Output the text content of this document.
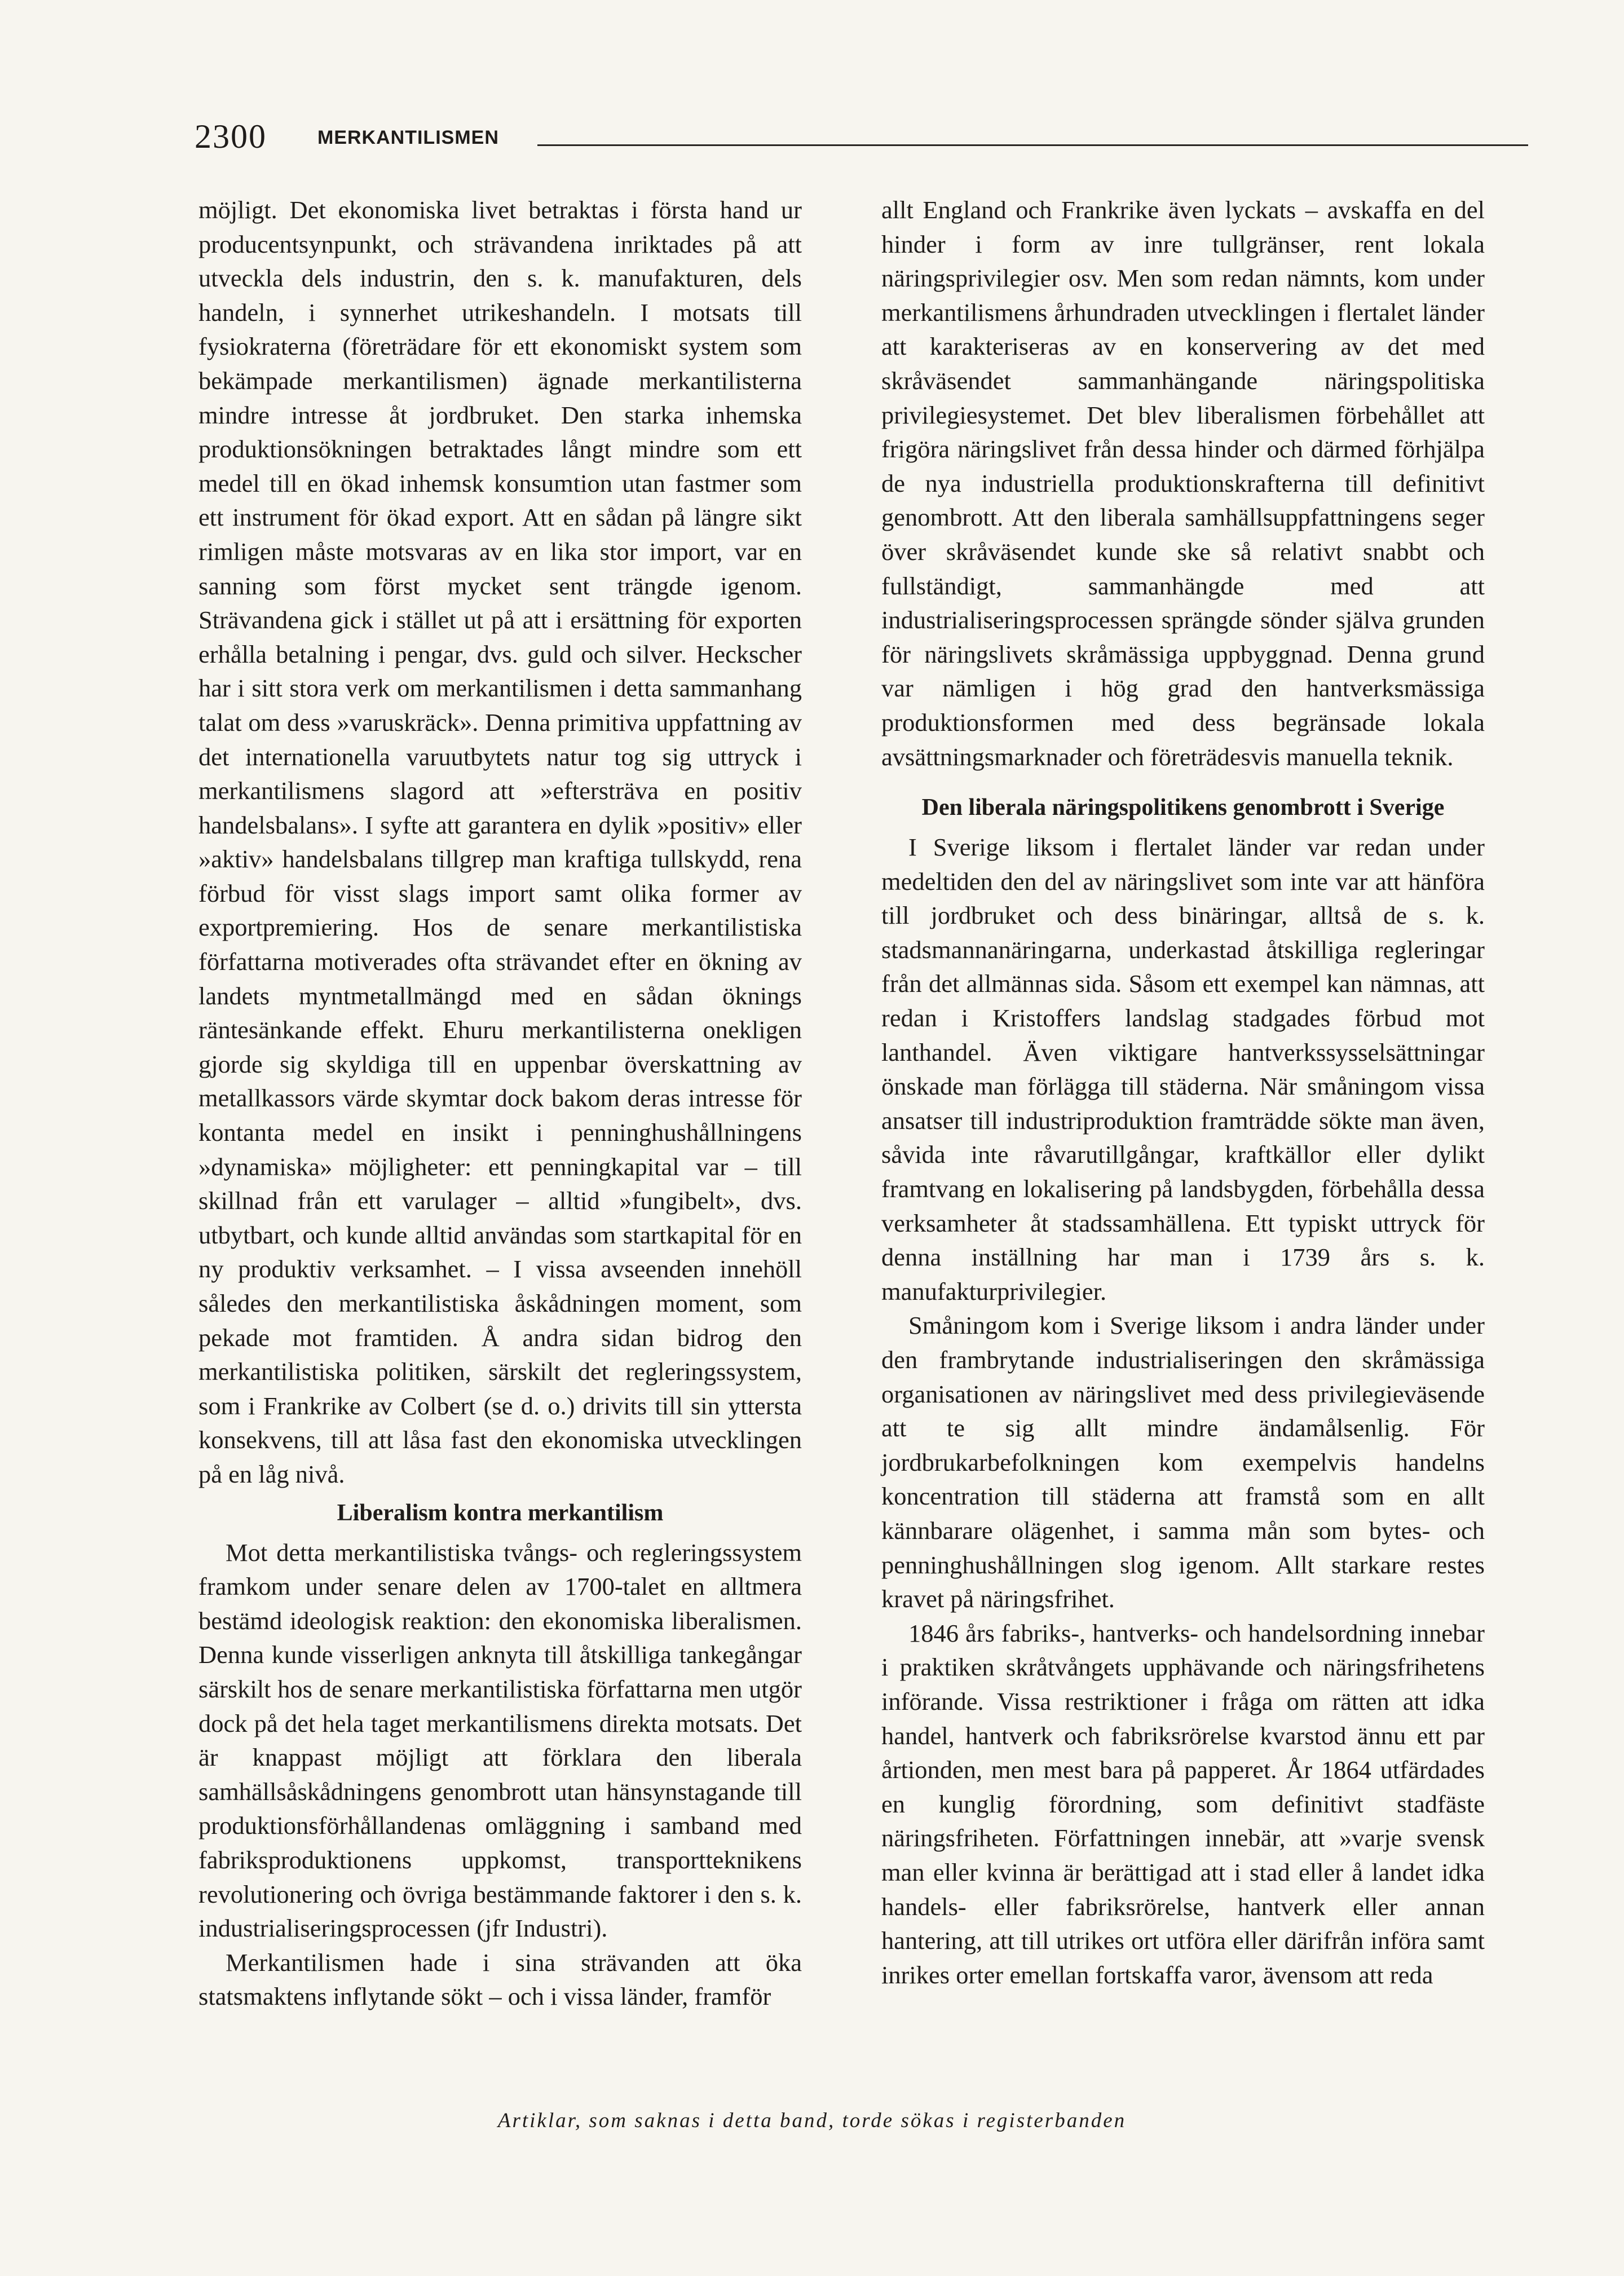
2300	MERKANTILISMEN

möjligt. Det ekonomiska livet betraktas i första hand ur producentsynpunkt, och strävandena inriktades på att utveckla dels industrin, den s. k. manufakturen, dels handeln, i synnerhet utrikeshandeln. I motsats till fysiokraterna (företrädare för ett ekonomiskt system som bekämpade merkantilismen) ägnade merkantilisterna mindre intresse åt jordbruket. Den starka inhemska produktionsökningen betraktades långt mindre som ett medel till en ökad inhemsk konsumtion utan fastmer som ett instrument för ökad export. Att en sådan på längre sikt rimligen måste motsvaras av en lika stor import, var en sanning som först mycket sent trängde igenom. Strävandena gick i stället ut på att i ersättning för exporten erhålla betalning i pengar, dvs. guld och silver. Heckscher har i sitt stora verk om merkantilismen i detta sammanhang talat om dess »varuskräck». Denna primitiva uppfattning av det internationella varuutbytets natur tog sig uttryck i merkantilismens slagord att »eftersträva en positiv handelsbalans». I syfte att garantera en dylik »positiv» eller »aktiv» handelsbalans tillgrep man kraftiga tullskydd, rena förbud för visst slags import samt olika former av exportpremiering. Hos de senare merkantilistiska författarna motiverades ofta strävandet efter en ökning av landets myntmetallmängd med en sådan öknings räntesänkande effekt. Ehuru merkantilisterna onekligen gjorde sig skyldiga till en uppenbar överskattning av metallkassors värde skymtar dock bakom deras intresse för kontanta medel en insikt i penninghushållningens »dynamiska» möjligheter: ett penningkapital var – till skillnad från ett varulager – alltid »fungibelt», dvs. utbytbart, och kunde alltid användas som startkapital för en ny produktiv verksamhet. – I vissa avseenden innehöll således den merkantilistiska åskådningen moment, som pekade mot framtiden. Å andra sidan bidrog den merkantilistiska politiken, särskilt det regleringssystem, som i Frankrike av Colbert (se d. o.) drivits till sin yttersta konsekvens, till att låsa fast den ekonomiska utvecklingen på en låg nivå.

Liberalism kontra merkantilism

Mot detta merkantilistiska tvångs- och regleringssystem framkom under senare delen av 1700-talet en alltmera bestämd ideologisk reaktion: den ekonomiska liberalismen. Denna kunde visserligen anknyta till åtskilliga tankegångar särskilt hos de senare merkantilistiska författarna men utgör dock på det hela taget merkantilismens direkta motsats. Det är knappast möjligt att förklara den liberala samhällsåskådningens genombrott utan hänsynstagande till produktionsförhållandenas omläggning i samband med fabriksproduktionens uppkomst, transportteknikens revolutionering och övriga bestämmande faktorer i den s. k. industrialiseringsprocessen (jfr Industri).

Merkantilismen hade i sina strävanden att öka statsmaktens inflytande sökt – och i vissa länder, framför

allt England och Frankrike även lyckats – avskaffa en del hinder i form av inre tullgränser, rent lokala näringsprivilegier osv. Men som redan nämnts, kom under merkantilismens århundraden utvecklingen i flertalet länder att karakteriseras av en konservering av det med skråväsendet sammanhängande näringspolitiska privilegiesystemet. Det blev liberalismen förbehållet att frigöra näringslivet från dessa hinder och därmed förhjälpa de nya industriella produktionskrafterna till definitivt genombrott. Att den liberala samhällsuppfattningens seger över skråväsendet kunde ske så relativt snabbt och fullständigt, sammanhängde med att industrialiseringsprocessen sprängde sönder själva grunden för näringslivets skråmässiga uppbyggnad. Denna grund var nämligen i hög grad den hantverksmässiga produktionsformen med dess begränsade lokala avsättningsmarknader och företrädesvis manuella teknik.

Den liberala näringspolitikens genombrott i Sverige

I Sverige liksom i flertalet länder var redan under medeltiden den del av näringslivet som inte var att hänföra till jordbruket och dess binäringar, alltså de s. k. stadsmannanäringarna, underkastad åtskilliga regleringar från det allmännas sida. Såsom ett exempel kan nämnas, att redan i Kristoffers landslag stadgades förbud mot lanthandel. Även viktigare hantverkssysselsättningar önskade man förlägga till städerna. När småningom vissa ansatser till industriproduktion framträdde sökte man även, såvida inte råvarutillgångar, kraftkällor eller dylikt framtvang en lokalisering på landsbygden, förbehålla dessa verksamheter åt stadssamhällena. Ett typiskt uttryck för denna inställning har man i 1739 års s. k. manufakturprivilegier.

Småningom kom i Sverige liksom i andra länder under den frambrytande industrialiseringen den skråmässiga organisationen av näringslivet med dess privilegieväsende att te sig allt mindre ändamålsenlig. För jordbrukarbefolkningen kom exempelvis handelns koncentration till städerna att framstå som en allt kännbarare olägenhet, i samma mån som bytes- och penninghushållningen slog igenom. Allt starkare restes kravet på näringsfrihet.

1846 års fabriks-, hantverks- och handelsordning innebar i praktiken skråtvångets upphävande och näringsfrihetens införande. Vissa restriktioner i fråga om rätten att idka handel, hantverk och fabriksrörelse kvarstod ännu ett par årtionden, men mest bara på papperet. År 1864 utfärdades en kunglig förordning, som definitivt stadfäste näringsfriheten. Författningen innebär, att »varje svensk man eller kvinna är berättigad att i stad eller å landet idka handels- eller fabriksrörelse, hantverk eller annan hantering, att till utrikes ort utföra eller därifrån införa samt inrikes orter emellan fortskaffa varor, ävensom att reda

Artiklar, som saknas i detta band, torde sökas i registerbanden
